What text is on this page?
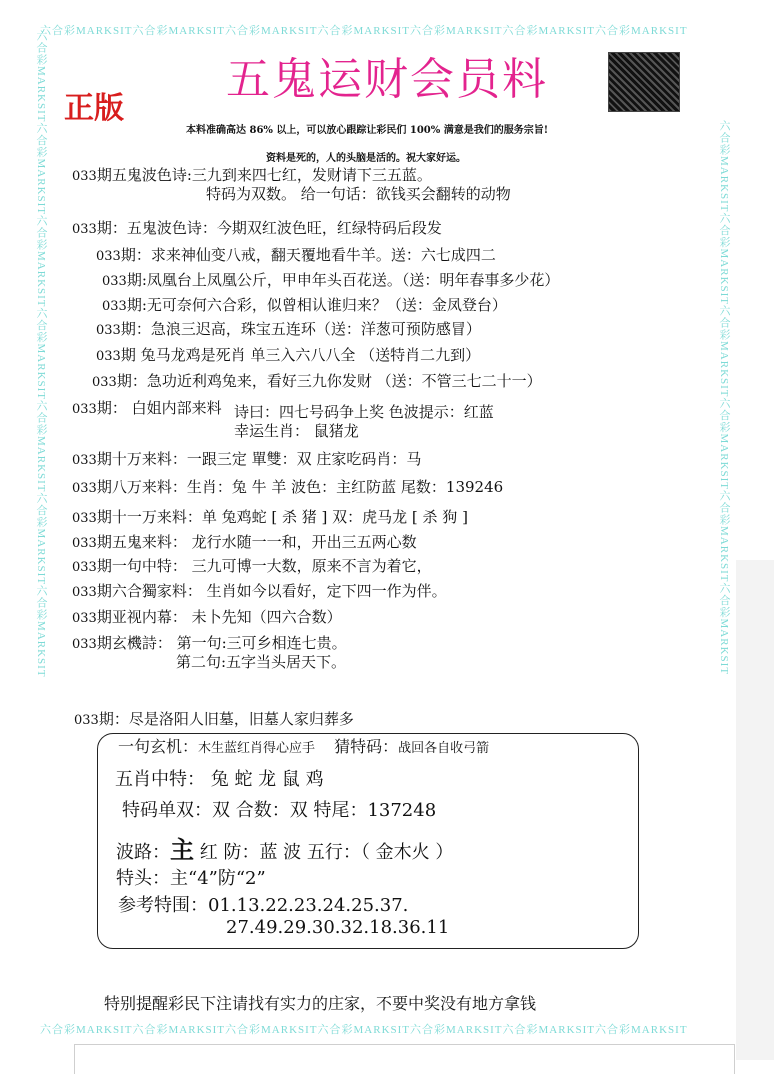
六合彩MARKSIT六合彩MARKSIT六合彩MARKSIT六合彩MARKSIT六合彩MARKSIT六合彩MARKSIT六合彩MARKSIT
六合彩MARKSIT六合彩MARKSIT六合彩MARKSIT六合彩MARKSIT六合彩MARKSIT六合彩MARKSIT六合彩MARKSIT
六合彩MARKSIT六合彩MARKSIT六合彩MARKSIT六合彩MARKSIT六合彩MARKSIT六合彩MARKSIT六合彩MARKSIT	六合彩MARKSIT六合彩MARKSIT六合彩MARKSIT六合彩MARKSIT六合彩MARKSIT六合彩MARKSIT
五鬼运财会员料
正版
本料准确高达 86% 以上，可以放心跟踪让彩民们 100% 满意是我们的服务宗旨!
资料是死的，人的头脑是活的。祝大家好运。
033期五鬼波色诗:三九到来四七红，发财请下三五蓝。
特码为双数。 给一句话：欲钱买会翻转的动物
033期：五鬼波色诗：今期双红波色旺，红绿特码后段发
033期：求来神仙变八戒，翻天覆地看牛羊。送：六七成四二
033期:凤凰台上凤凰公斤，甲申年头百花送。（送：明年春事多少花）
033期:无可奈何六合彩，似曾相认谁归来？（送：金凤登台）
033期：急浪三迟高，珠宝五连环（送：洋葱可预防感冒）
033期 兔马龙鸡是死肖 单三入六八八全 （送特肖二九到）
033期：急功近利鸡兔来，看好三九你发财 （送：不管三七二十一）
033期： 白姐内部来料 诗曰：四七号码争上奖 色波提示：红蓝
幸运生肖： 鼠猪龙
033期十万来料：一跟三定 單雙：双 庄家吃码肖：马
033期八万来料：生肖：兔 牛 羊 波色：主红防蓝 尾数：139246
033期十一万来料：单 兔鸡蛇 [ 杀 猪 ] 双：虎马龙 [ 杀 狗 ]
033期五鬼来料： 龙行水随一一和，开出三五两心数
033期一句中特： 三九可博一大数，原来不言为着它，
033期六合獨家料： 生肖如今以看好，定下四一作为伴。
033期亚视内幕： 未卜先知（四六合数）
033期玄機詩： 第一句:三可乡相连七贵。
第二句:五字当头居天下。
033期：尽是洛阳人旧墓，旧墓人家归葬多
一句玄机：木生蓝红肖得心应手 猜特码：战回各自收弓箭
五肖中特： 兔 蛇 龙 鼠 鸡
特码单双：双 合数：双 特尾：137248
波路：主 红 防：蓝 波 五行：（ 金木火 ）
特头：主“4”防“2”
参考特围：01.13.22.23.24.25.37.
27.49.29.30.32.18.36.11
特别提醒彩民下注请找有实力的庄家，不要中奖没有地方拿钱
